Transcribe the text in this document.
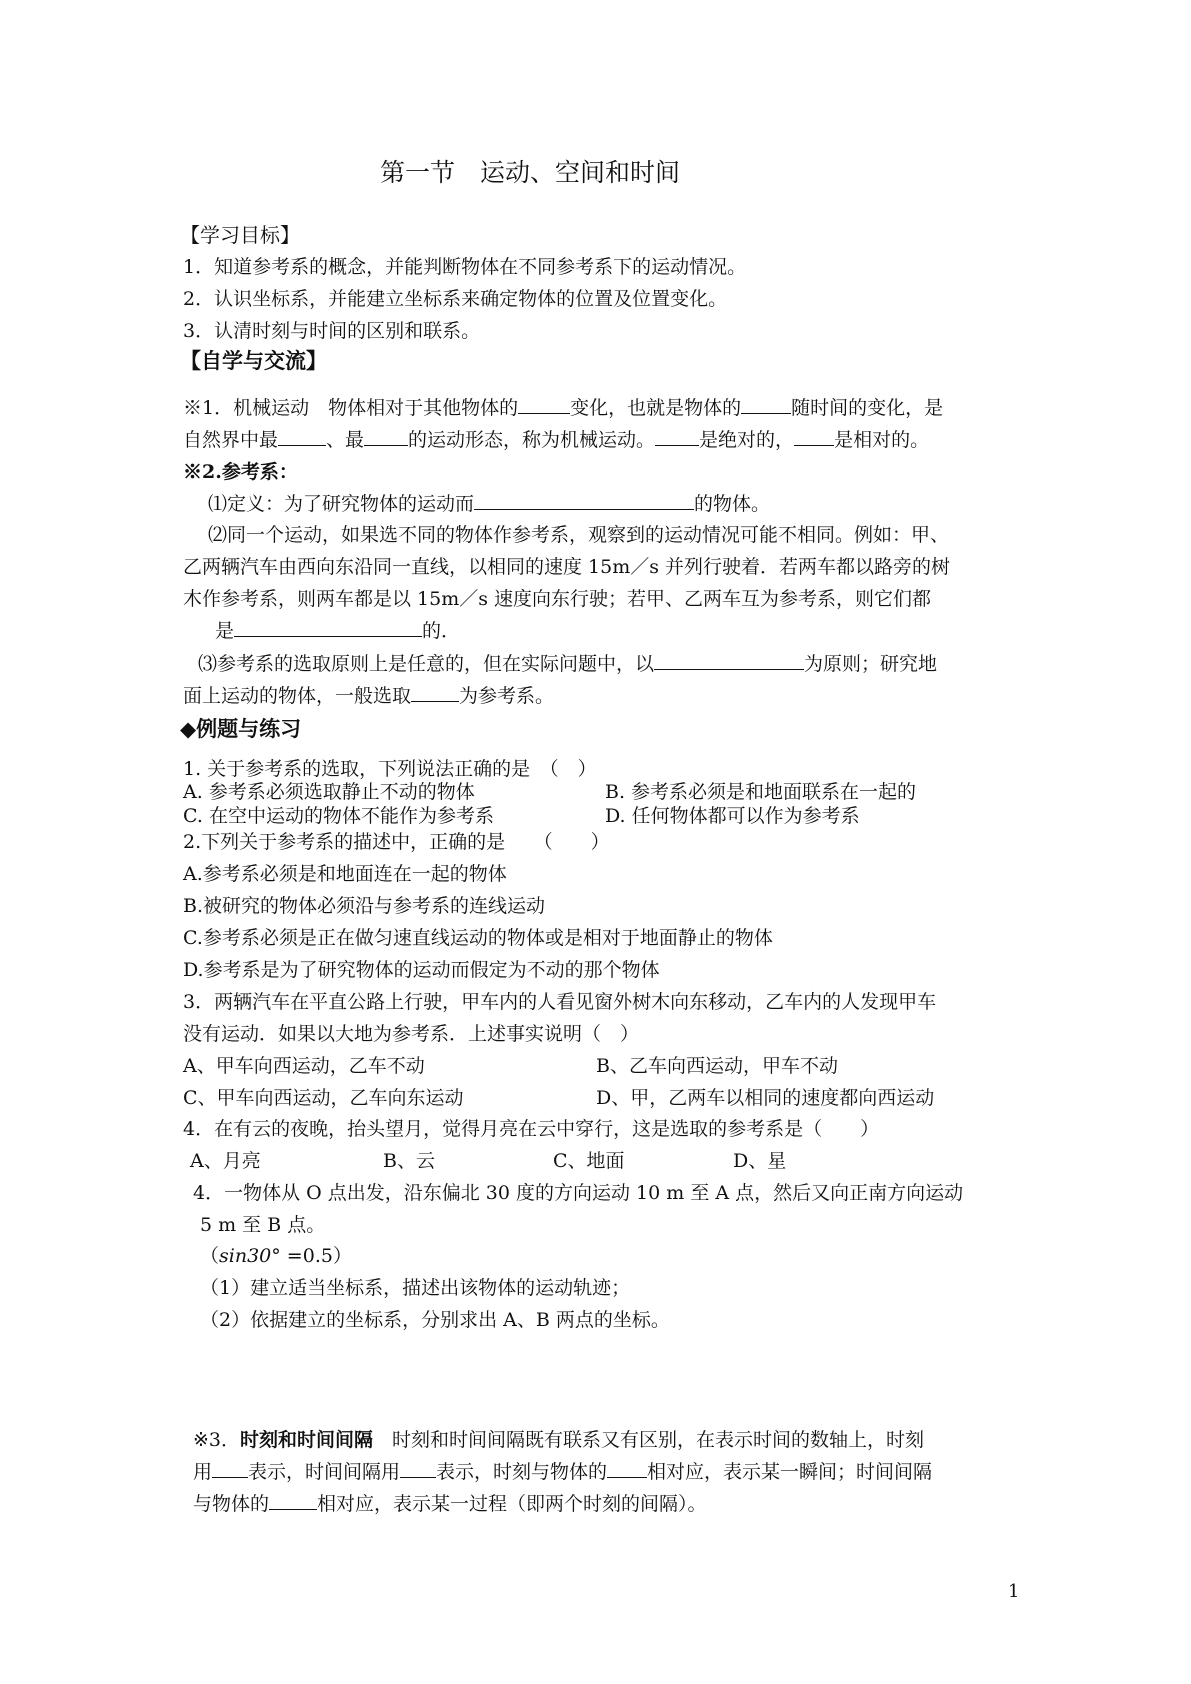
第一节　运动、空间和时间
【学习目标】
1．知道参考系的概念，并能判断物体在不同参考系下的运动情况。
2．认识坐标系，并能建立坐标系来确定物体的位置及位置变化。
3．认清时刻与时间的区别和联系。
【自学与交流】
※1．机械运动　物体相对于其他物体的	变化，也就是物体的	随时间的变化，是
自然界中最	、最 的运动形态，称为机械运动。 是绝对的， 是相对的。
※2.参考系：
⑴定义：为了研究物体的运动而	的物体。
⑵同一个运动，如果选不同的物体作参考系，观察到的运动情况可能不相同。例如：甲、
乙两辆汽车由西向东沿同一直线，以相同的速度 15m／s 并列行驶着．若两车都以路旁的树
木作参考系，则两车都是以 15m／s 速度向东行驶；若甲、乙两车互为参考系，则它们都
是	的．
⑶参考系的选取原则上是任意的，但在实际问题中，以	为原则；研究地
面上运动的物体，一般选取	为参考系。
◆例题与练习
1. 关于参考系的选取，下列说法正确的是　（　）
A. 参考系必须选取静止不动的物体	B. 参考系必须是和地面联系在一起的
C. 在空中运动的物体不能作为参考系	D. 任何物体都可以作为参考系
2.下列关于参考系的描述中，正确的是　　（　　）
A.参考系必须是和地面连在一起的物体
B.被研究的物体必须沿与参考系的连线运动
C.参考系必须是正在做匀速直线运动的物体或是相对于地面静止的物体
D.参考系是为了研究物体的运动而假定为不动的那个物体
3．两辆汽车在平直公路上行驶，甲车内的人看见窗外树木向东移动，乙车内的人发现甲车
没有运动．如果以大地为参考系．上述事实说明（　）
A、甲车向西运动，乙车不动	B、乙车向西运动，甲车不动
C、甲车向西运动，乙车向东运动	D、甲，乙两车以相同的速度都向西运动
4．在有云的夜晚，抬头望月，觉得月亮在云中穿行，这是选取的参考系是（　　）
A、月亮	B、云	C、地面	D、星
4．一物体从 O 点出发，沿东偏北 30 度的方向运动 10 m 至 A 点，然后又向正南方向运动
5 m 至 B 点。
（sin30° =0.5）
（1）建立适当坐标系，描述出该物体的运动轨迹；
（2）依据建立的坐标系，分别求出 A、B 两点的坐标。
※3．时刻和时间间隔　时刻和时间间隔既有联系又有区别，在表示时间的数轴上，时刻
用 表示，时间间隔用 表示，时刻与物体的 相对应，表示某一瞬间；时间间隔
与物体的	相对应，表示某一过程（即两个时刻的间隔）。
1
